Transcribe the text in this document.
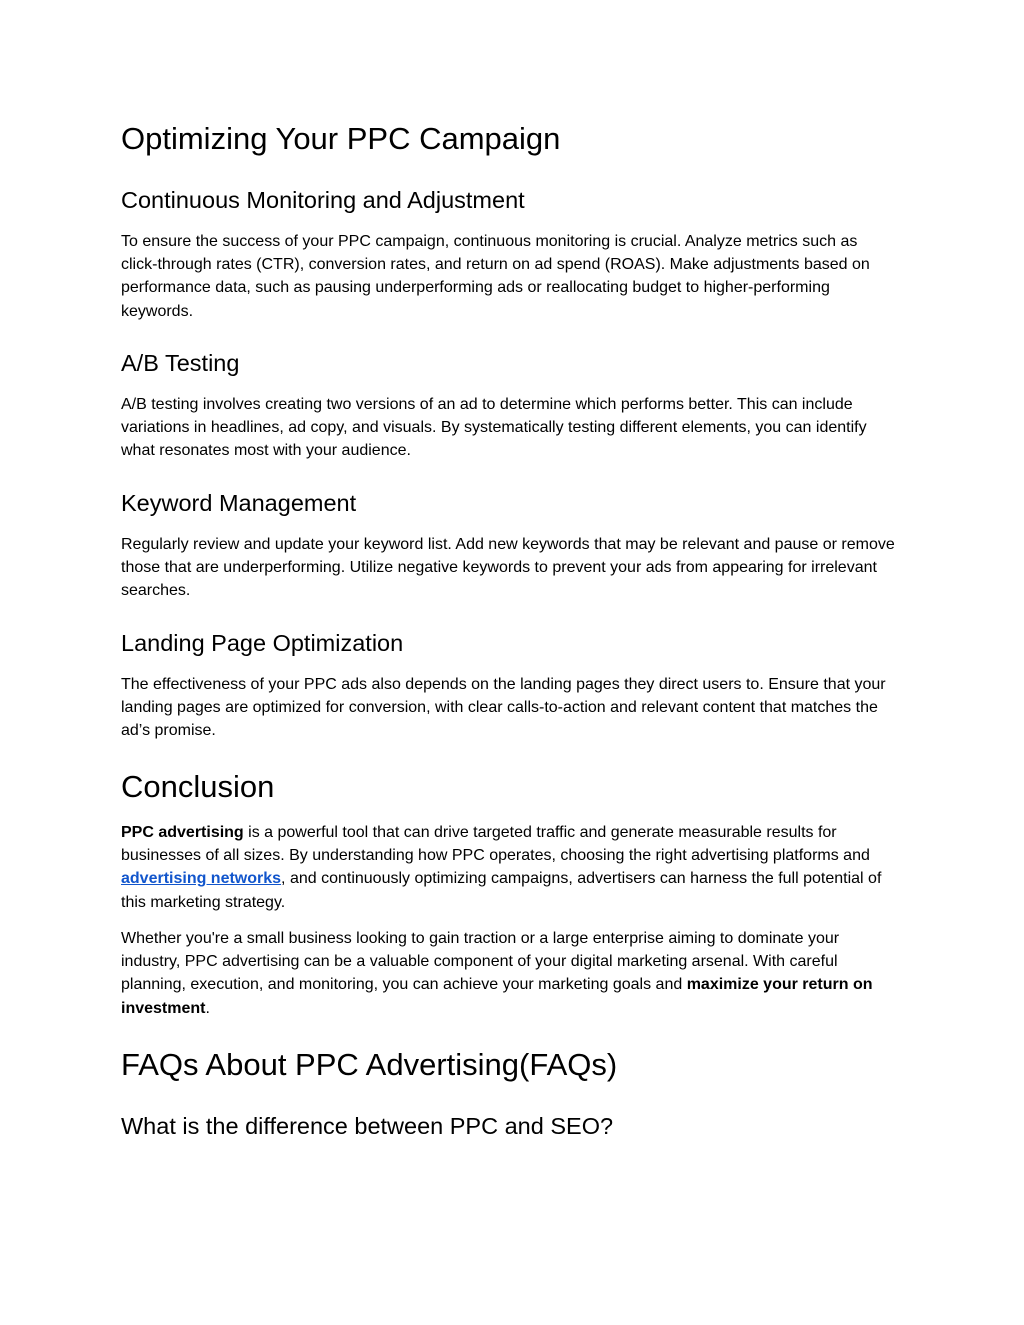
Optimizing Your PPC Campaign
Continuous Monitoring and Adjustment

To ensure the success of your PPC campaign, continuous monitoring is crucial. Analyze metrics such as click-through rates (CTR), conversion rates, and return on ad spend (ROAS). Make adjustments based on performance data, such as pausing underperforming ads or reallocating budget to higher-performing keywords.

A/B Testing

A/B testing involves creating two versions of an ad to determine which performs better. This can include variations in headlines, ad copy, and visuals. By systematically testing different elements, you can identify what resonates most with your audience.

Keyword Management

Regularly review and update your keyword list. Add new keywords that may be relevant and pause or remove those that are underperforming. Utilize negative keywords to prevent your ads from appearing for irrelevant searches.

Landing Page Optimization

The effectiveness of your PPC ads also depends on the landing pages they direct users to. Ensure that your landing pages are optimized for conversion, with clear calls-to-action and relevant content that matches the ad’s promise.

Conclusion

PPC advertising is a powerful tool that can drive targeted traffic and generate measurable results for businesses of all sizes. By understanding how PPC operates, choosing the right advertising platforms and advertising networks, and continuously optimizing campaigns, advertisers can harness the full potential of this marketing strategy.

Whether you're a small business looking to gain traction or a large enterprise aiming to dominate your industry, PPC advertising can be a valuable component of your digital marketing arsenal. With careful planning, execution, and monitoring, you can achieve your marketing goals and maximize your return on investment.

FAQs About PPC Advertising(FAQs)
What is the difference between PPC and SEO?
